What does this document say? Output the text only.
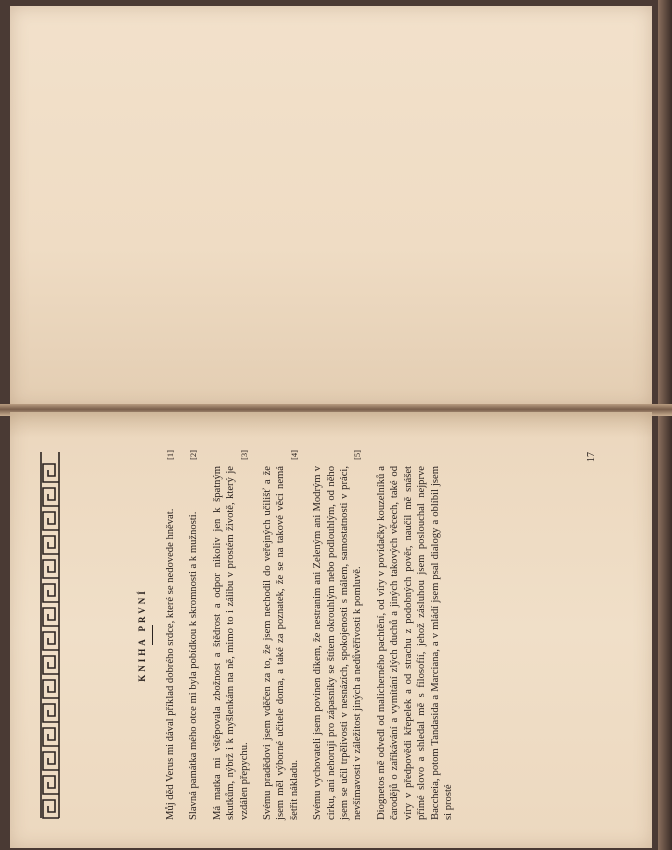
KNIHA PRVNÍ Můj děd Verus mi dával příklad dobrého srdce, které se nedovede hněvat.
[1]

Slavná památka mého otce mi byla pobídkou k skromnosti a k mužnosti.
[2]

Má matka mi vštěpovala zbožnost a štědrost a odpor nikoliv jen k špatným skutkům, nýbrž i k myšlenkám na ně, mimo to i zálibu v prostém životě, který je vzdálen přepychu.
[3]

Svému pradědovi jsem vděčen za to, že jsem nechodil do veřejných učilišť a že jsem měl výborné učitele doma, a také za poznatek, že se na takové věci nemá šetřit nákladu.
[4]

Svému vychovateli jsem povinen díkem, že nestranim ani Zeleným ani Modrým v cirku, ani nehoruji pro zápasníky se štítem okrouhlým nebo podlouhlým, od něho jsem se učil trpělivosti v nesnázích, spokojenosti s málem, samostatnosti v práci, nevšímavosti v záležitost jiných a nedůvěřivosti k pomluvě.
[5]

Diognetos mě odvedl od malicherného pachtění, od víry v povídačky kouzelníků a čarodějů o zaříkávání a vymítání zlých duchů a jiných takových věcech, také od víry v předpovědi křepelek a od strachu z podobných pověr, naučil mě snášet přímé slovo a shledal mě s filosofií, jehož zásluhou jsem poslouchal nejprve Baccheia, potom Tandasida a Marciana, a v mládí jsem psal dialogy a oblíbil jsem si prosté

17
